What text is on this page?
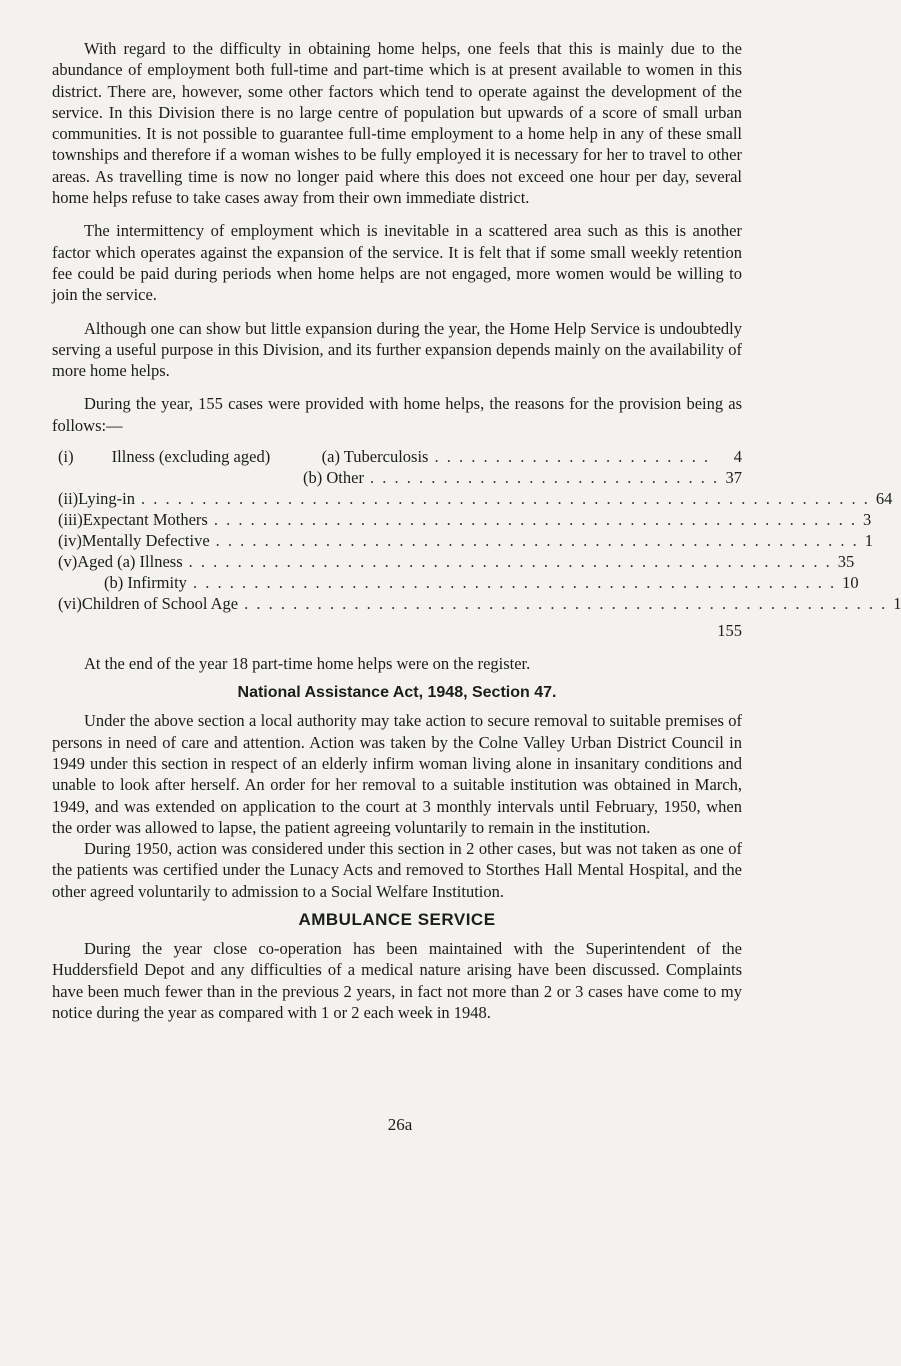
With regard to the difficulty in obtaining home helps, one feels that this is mainly due to the abundance of employment both full-time and part-time which is at present available to women in this district. There are, however, some other factors which tend to operate against the development of the service. In this Division there is no large centre of population but upwards of a score of small urban communities. It is not possible to guarantee full-time employment to a home help in any of these small townships and therefore if a woman wishes to be fully employed it is necessary for her to travel to other areas. As travelling time is now no longer paid where this does not exceed one hour per day, several home helps refuse to take cases away from their own immediate district.

The intermittency of employment which is inevitable in a scattered area such as this is another factor which operates against the expansion of the service. It is felt that if some small weekly retention fee could be paid during periods when home helps are not engaged, more women would be willing to join the service.

Although one can show but little expansion during the year, the Home Help Service is undoubtedly serving a useful purpose in this Division, and its further expansion depends mainly on the availability of more home helps.

During the year, 155 cases were provided with home helps, the reasons for the provision being as follows:—

(i)	Illness (excluding aged)	(a) Tuberculosis . . . . . . . . . . . . . . . . . . . . . . .	4
(b) Other . . . . . . . . . . . . . . . . . . . . . . . . . . . . . 37
(ii) Lying-in . . . . . . . . . . . . . . . . . . . . . . . . . . . . . . . . . . . . . . . . . . . . . . . . . . . . . . . . . . . . 64
(iii) Expectant Mothers . . . . . . . . . . . . . . . . . . . . . . . . . . . . . . . . . . . . . . . . . . . . . . . . . . . . . 3
(iv) Mentally Defective . . . . . . . . . . . . . . . . . . . . . . . . . . . . . . . . . . . . . . . . . . . . . . . . . . . . . 1
(v) Aged (a) Illness . . . . . . . . . . . . . . . . . . . . . . . . . . . . . . . . . . . . . . . . . . . . . . . . . . . . . 35
(b) Infirmity . . . . . . . . . . . . . . . . . . . . . . . . . . . . . . . . . . . . . . . . . . . . . . . . . . . . . 10
(vi) Children of School Age . . . . . . . . . . . . . . . . . . . . . . . . . . . . . . . . . . . . . . . . . . . . . . . . . . . . . 1
155

At the end of the year 18 part-time home helps were on the register.

National Assistance Act, 1948, Section 47.

Under the above section a local authority may take action to secure removal to suitable premises of persons in need of care and attention. Action was taken by the Colne Valley Urban District Council in 1949 under this section in respect of an elderly infirm woman living alone in insanitary conditions and unable to look after herself. An order for her removal to a suitable institution was obtained in March, 1949, and was extended on application to the court at 3 monthly intervals until February, 1950, when the order was allowed to lapse, the patient agreeing voluntarily to remain in the institution.

During 1950, action was considered under this section in 2 other cases, but was not taken as one of the patients was certified under the Lunacy Acts and removed to Storthes Hall Mental Hospital, and the other agreed voluntarily to admission to a Social Welfare Institution.

AMBULANCE SERVICE

During the year close co-operation has been maintained with the Superintendent of the Huddersfield Depot and any difficulties of a medical nature arising have been discussed. Complaints have been much fewer than in the previous 2 years, in fact not more than 2 or 3 cases have come to my notice during the year as compared with 1 or 2 each week in 1948.

26a
